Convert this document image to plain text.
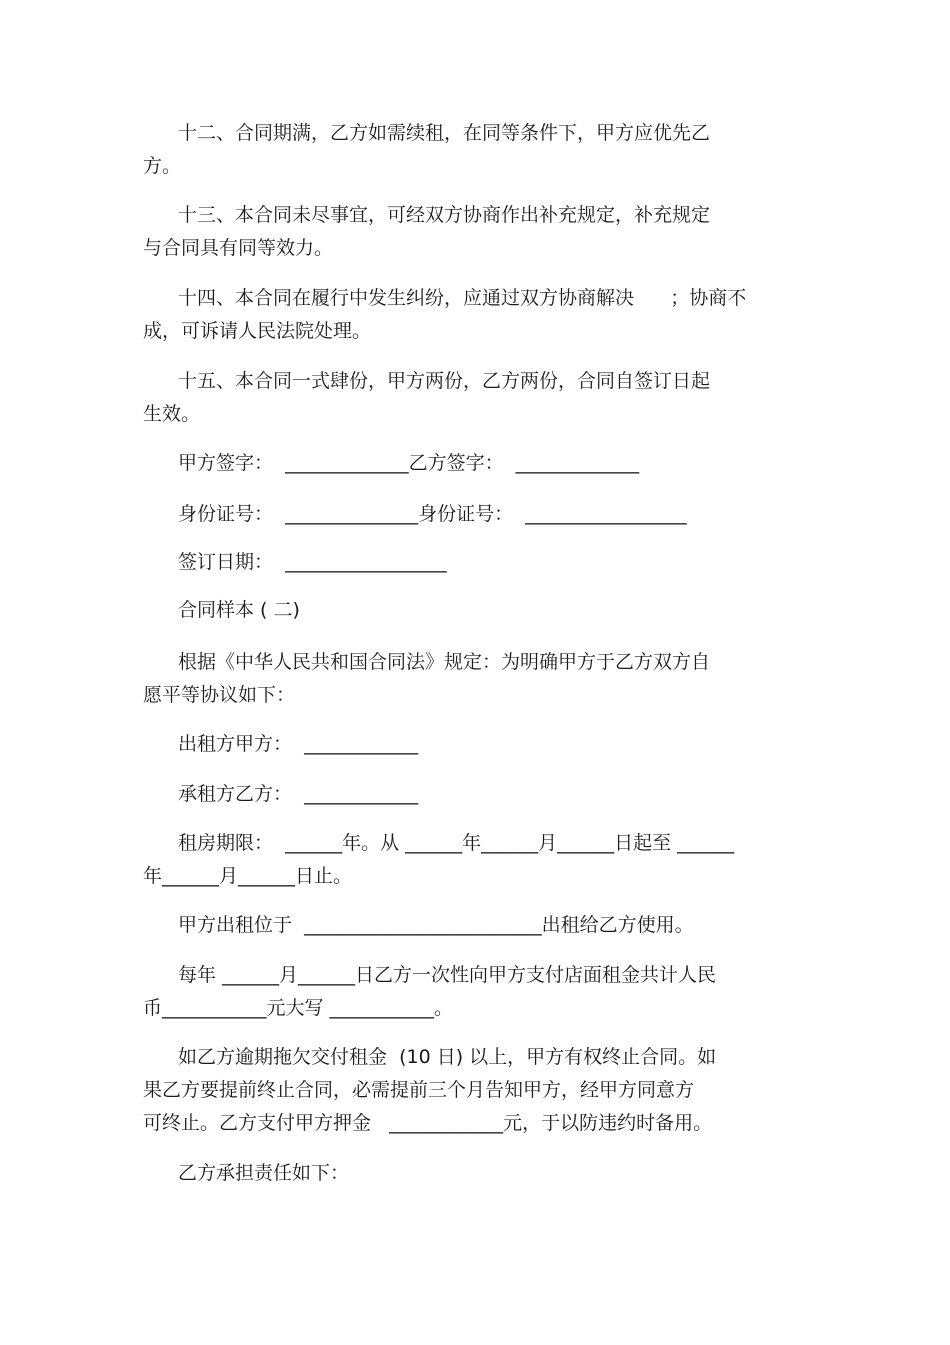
十二、合同期满，乙方如需续租，在同等条件下，甲方应优先乙
方。
十三、本合同未尽事宜，可经双方协商作出补充规定，补充规定
与合同具有同等效力。
十四、本合同在履行中发生纠纷，应通过双方协商解决      ；协商不
成，可诉请人民法院处理。
十五、本合同一式肆份，甲方两份，乙方两份，合同自签订日起
生效。
甲方签字：  _____________乙方签字：  _____________
身份证号：  ______________身份证号：  _________________
签订日期：  _________________
合同样本 ( 二)
根据《中华人民共和国合同法》规定：为明确甲方于乙方双方自
愿平等协议如下：
出租方甲方：  ____________
承租方乙方：  ____________
租房期限：  ______年。从 ______年______月______日起至 ______
年______月______日止。
甲方出租位于  _________________________出租给乙方使用。
每年 ______月______日乙方一次性向甲方支付店面租金共计人民
币___________元大写 ___________。
如乙方逾期拖欠交付租金  (10 日) 以上，甲方有权终止合同。如
果乙方要提前终止合同，必需提前三个月告知甲方，经甲方同意方
可终止。乙方支付甲方押金   ____________元，于以防违约时备用。
乙方承担责任如下：
